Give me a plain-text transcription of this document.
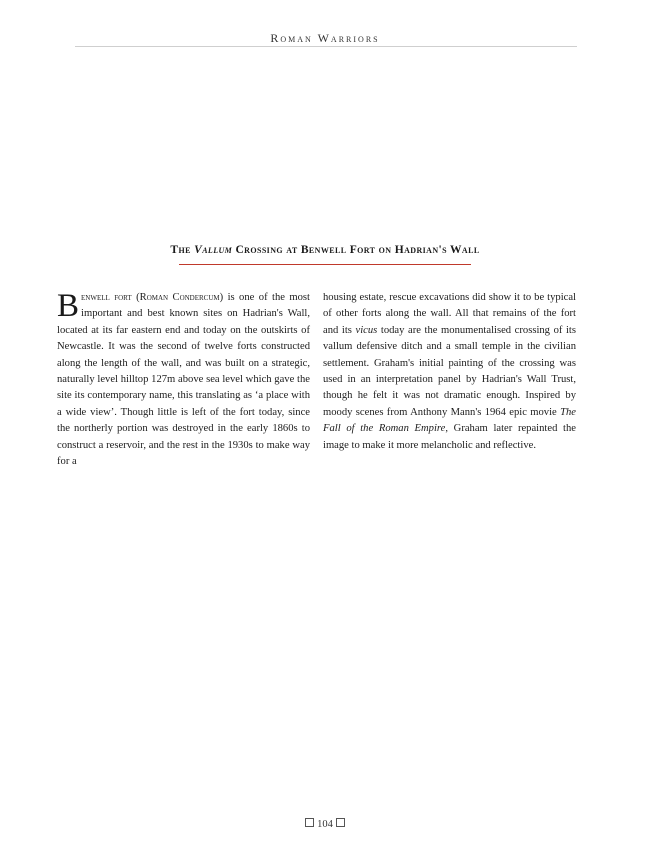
Roman Warriors
The Vallum Crossing at Benwell Fort on Hadrian's Wall
Benwell fort (Roman Condercum) is one of the most important and best known sites on Hadrian's Wall, located at its far eastern end and today on the outskirts of Newcastle. It was the second of twelve forts constructed along the length of the wall, and was built on a strategic, naturally level hilltop 127m above sea level which gave the site its contemporary name, this translating as ‘a place with a wide view’. Though little is left of the fort today, since the northerly portion was destroyed in the early 1860s to construct a reservoir, and the rest in the 1930s to make way for a
housing estate, rescue excavations did show it to be typical of other forts along the wall. All that remains of the fort and its vicus today are the monumentalised crossing of its vallum defensive ditch and a small temple in the civilian settlement. Graham's initial painting of the crossing was used in an interpretation panel by Hadrian's Wall Trust, though he felt it was not dramatic enough. Inspired by moody scenes from Anthony Mann's 1964 epic movie The Fall of the Roman Empire, Graham later repainted the image to make it more melancholic and reflective.
104
